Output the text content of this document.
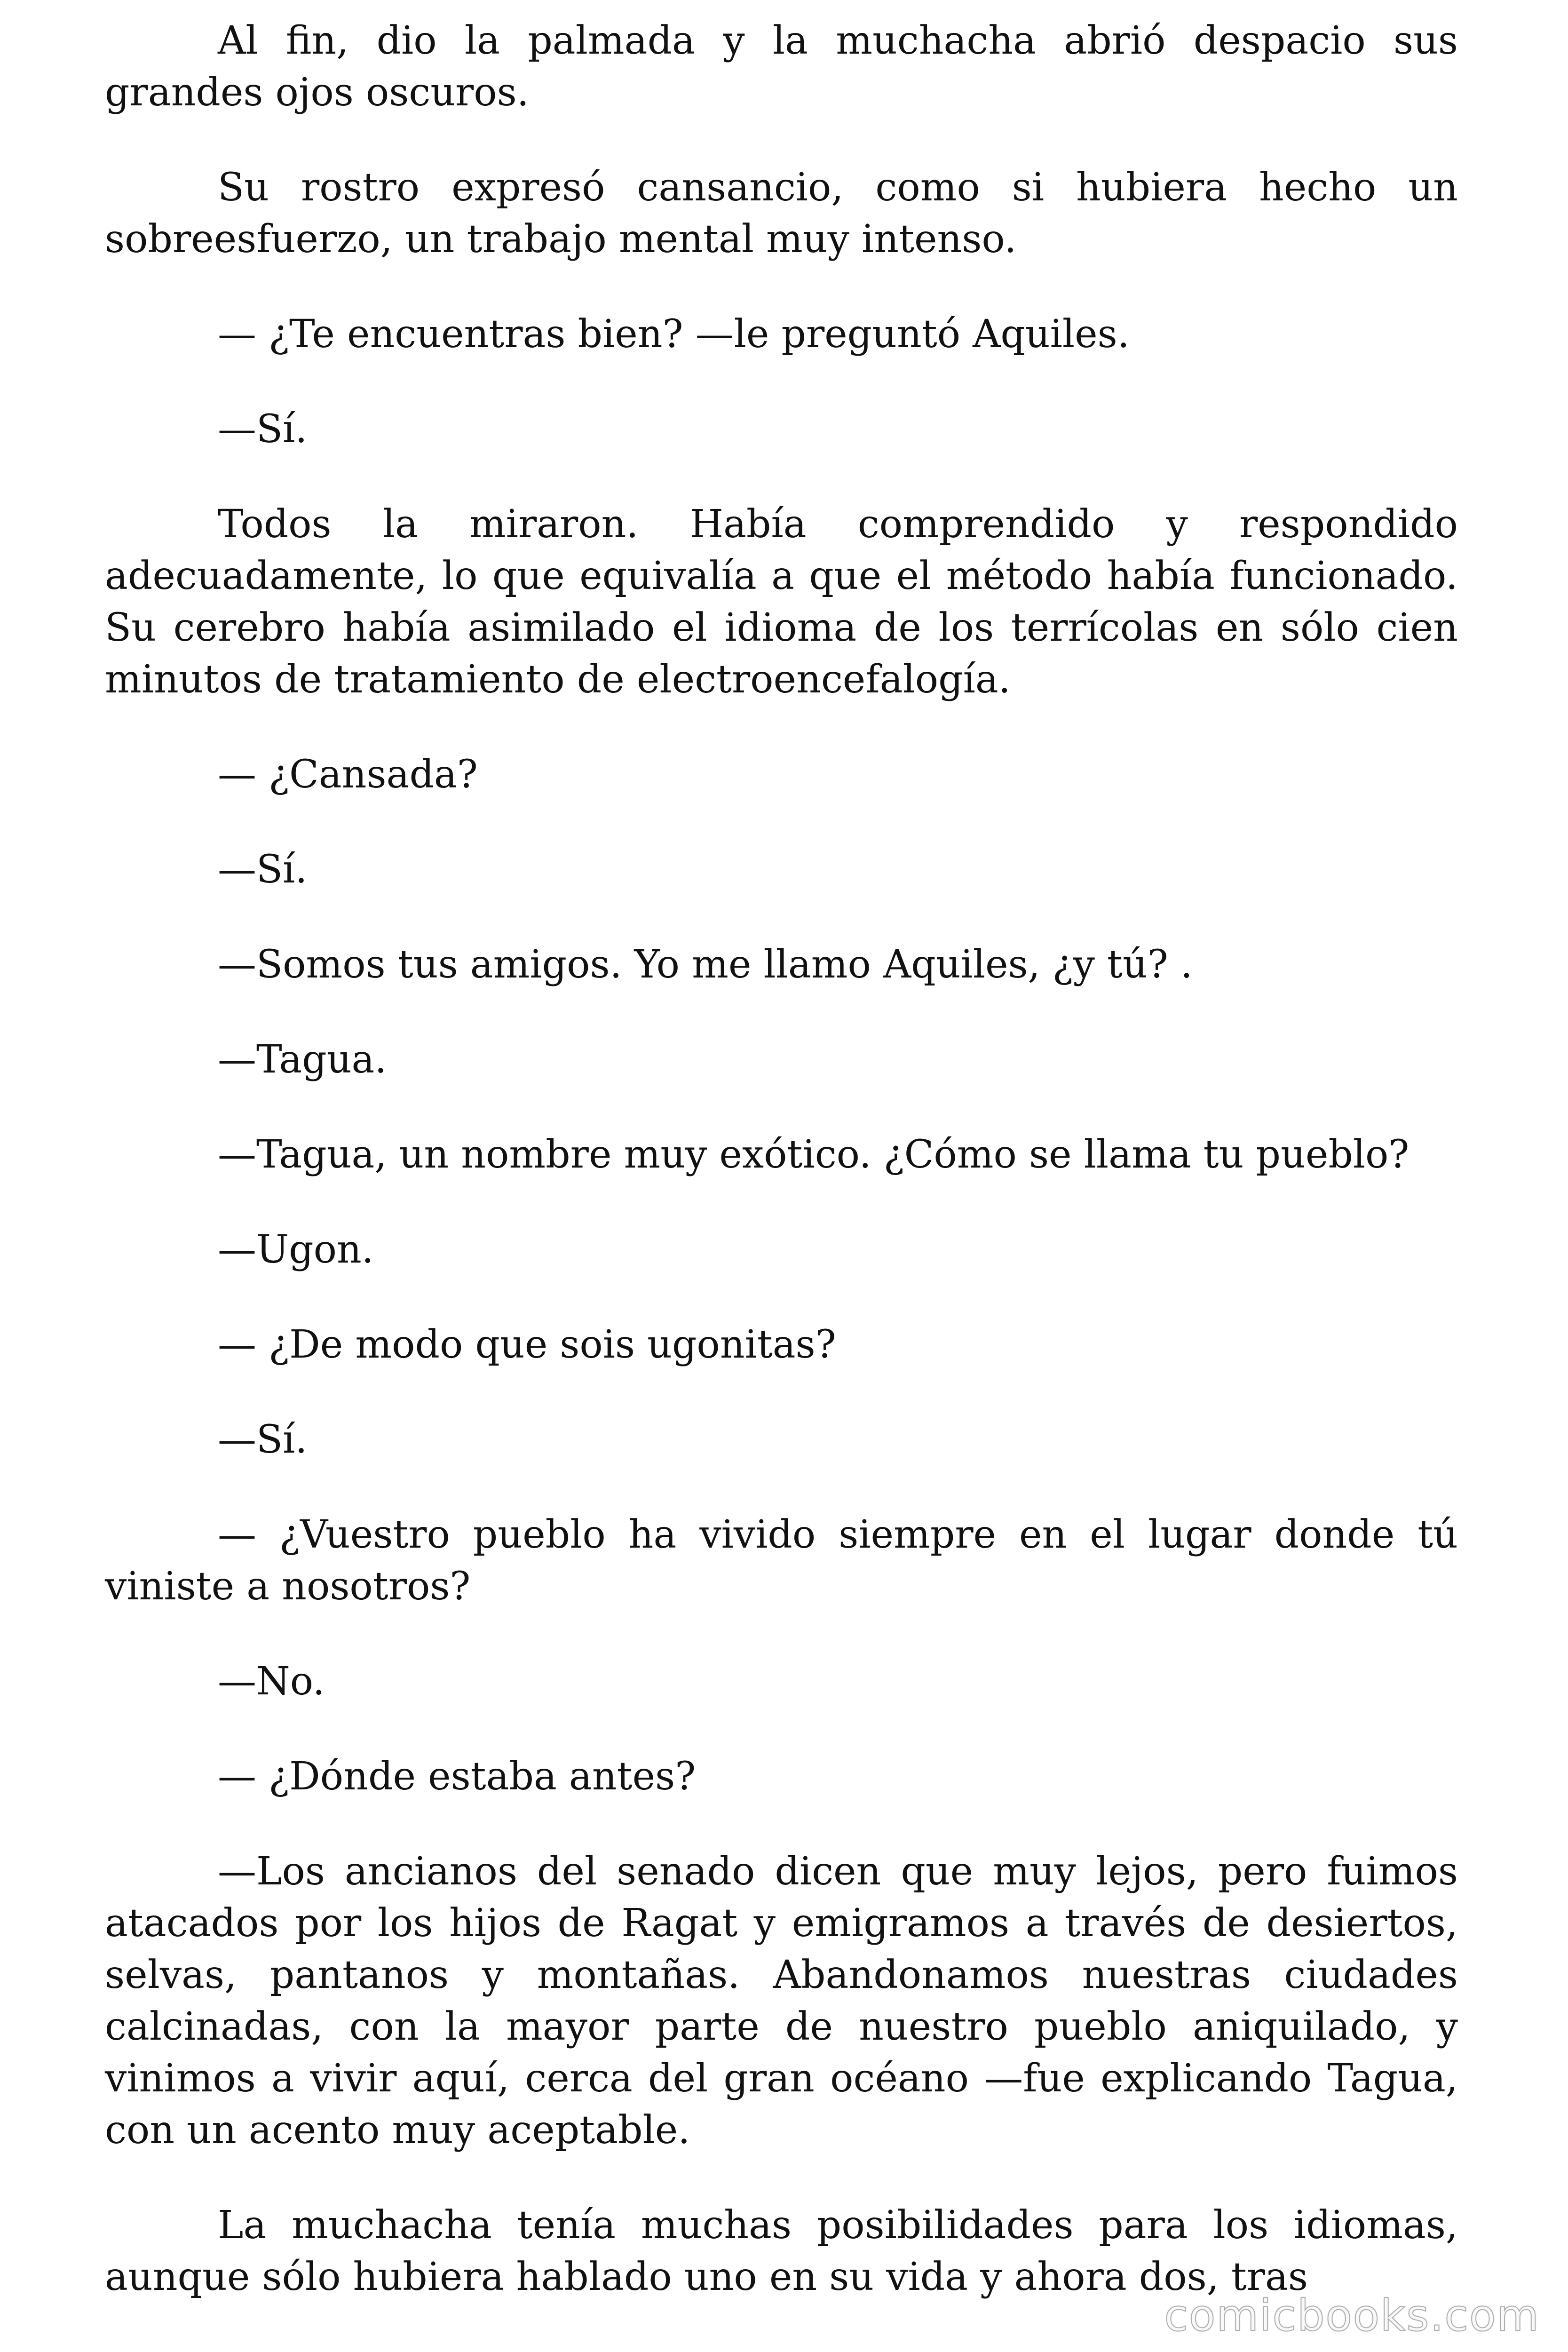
Al fin, dio la palmada y la muchacha abrió despacio sus grandes ojos oscuros.

Su rostro expresó cansancio, como si hubiera hecho un sobreesfuerzo, un trabajo mental muy intenso.

— ¿Te encuentras bien? —le preguntó Aquiles.

—Sí.

Todos la miraron. Había comprendido y respondido adecuadamente, lo que equivalía a que el método había funcionado. Su cerebro había asimilado el idioma de los terrícolas en sólo cien minutos de tratamiento de electroencefalogía.

— ¿Cansada?

—Sí.

—Somos tus amigos. Yo me llamo Aquiles, ¿y tú? .

—Tagua.

—Tagua, un nombre muy exótico. ¿Cómo se llama tu pueblo?

—Ugon.

— ¿De modo que sois ugonitas?

—Sí.

— ¿Vuestro pueblo ha vivido siempre en el lugar donde tú viniste a nosotros?

—No.

— ¿Dónde estaba antes?

—Los ancianos del senado dicen que muy lejos, pero fuimos atacados por los hijos de Ragat y emigramos a través de desiertos, selvas, pantanos y montañas. Abandonamos nuestras ciudades calcinadas, con la mayor parte de nuestro pueblo aniquilado, y vinimos a vivir aquí, cerca del gran océano —fue explicando Tagua, con un acento muy aceptable.

La muchacha tenía muchas posibilidades para los idiomas, aunque sólo hubiera hablado uno en su vida y ahora dos, tras

comicbooks.com
